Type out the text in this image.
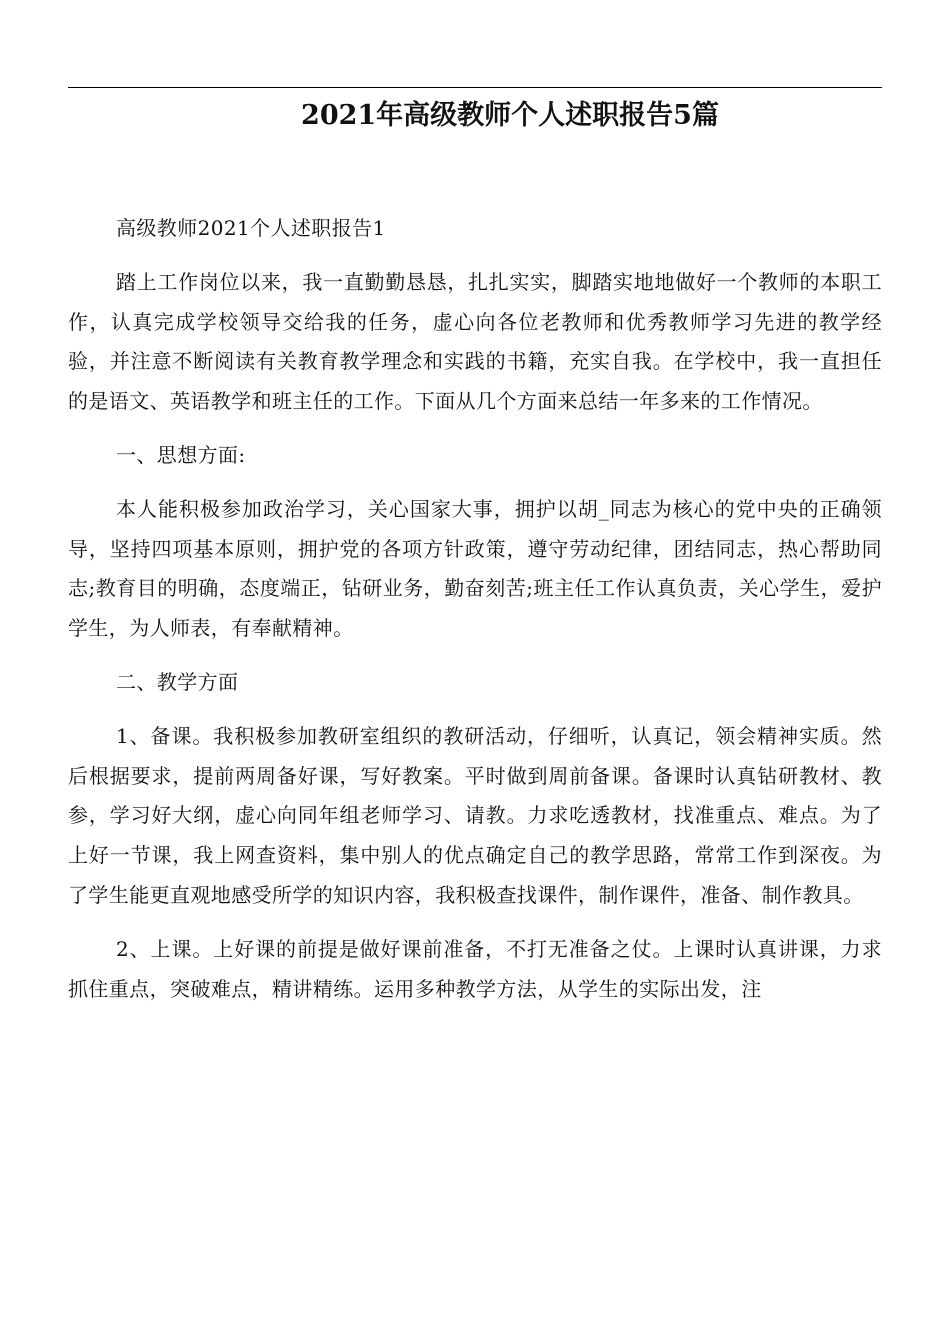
2021年高级教师个人述职报告5篇

高级教师2021个人述职报告1

踏上工作岗位以来，我一直勤勤恳恳，扎扎实实，脚踏实地地做好一个教师的本职工作，认真完成学校领导交给我的任务，虚心向各位老教师和优秀教师学习先进的教学经验，并注意不断阅读有关教育教学理念和实践的书籍，充实自我。在学校中，我一直担任的是语文、英语教学和班主任的工作。下面从几个方面来总结一年多来的工作情况。

一、思想方面:

本人能积极参加政治学习，关心国家大事，拥护以胡_同志为核心的党中央的正确领导，坚持四项基本原则，拥护党的各项方针政策，遵守劳动纪律，团结同志，热心帮助同志;教育目的明确，态度端正，钻研业务，勤奋刻苦;班主任工作认真负责，关心学生，爱护学生，为人师表，有奉献精神。

二、教学方面

1、备课。我积极参加教研室组织的教研活动，仔细听，认真记，领会精神实质。然后根据要求，提前两周备好课，写好教案。平时做到周前备课。备课时认真钻研教材、教参，学习好大纲，虚心向同年组老师学习、请教。力求吃透教材，找准重点、难点。为了上好一节课，我上网查资料，集中别人的优点确定自己的教学思路，常常工作到深夜。为了学生能更直观地感受所学的知识内容，我积极查找课件，制作课件，准备、制作教具。

2、上课。上好课的前提是做好课前准备，不打无准备之仗。上课时认真讲课，力求抓住重点，突破难点，精讲精练。运用多种教学方法，从学生的实际出发，注
